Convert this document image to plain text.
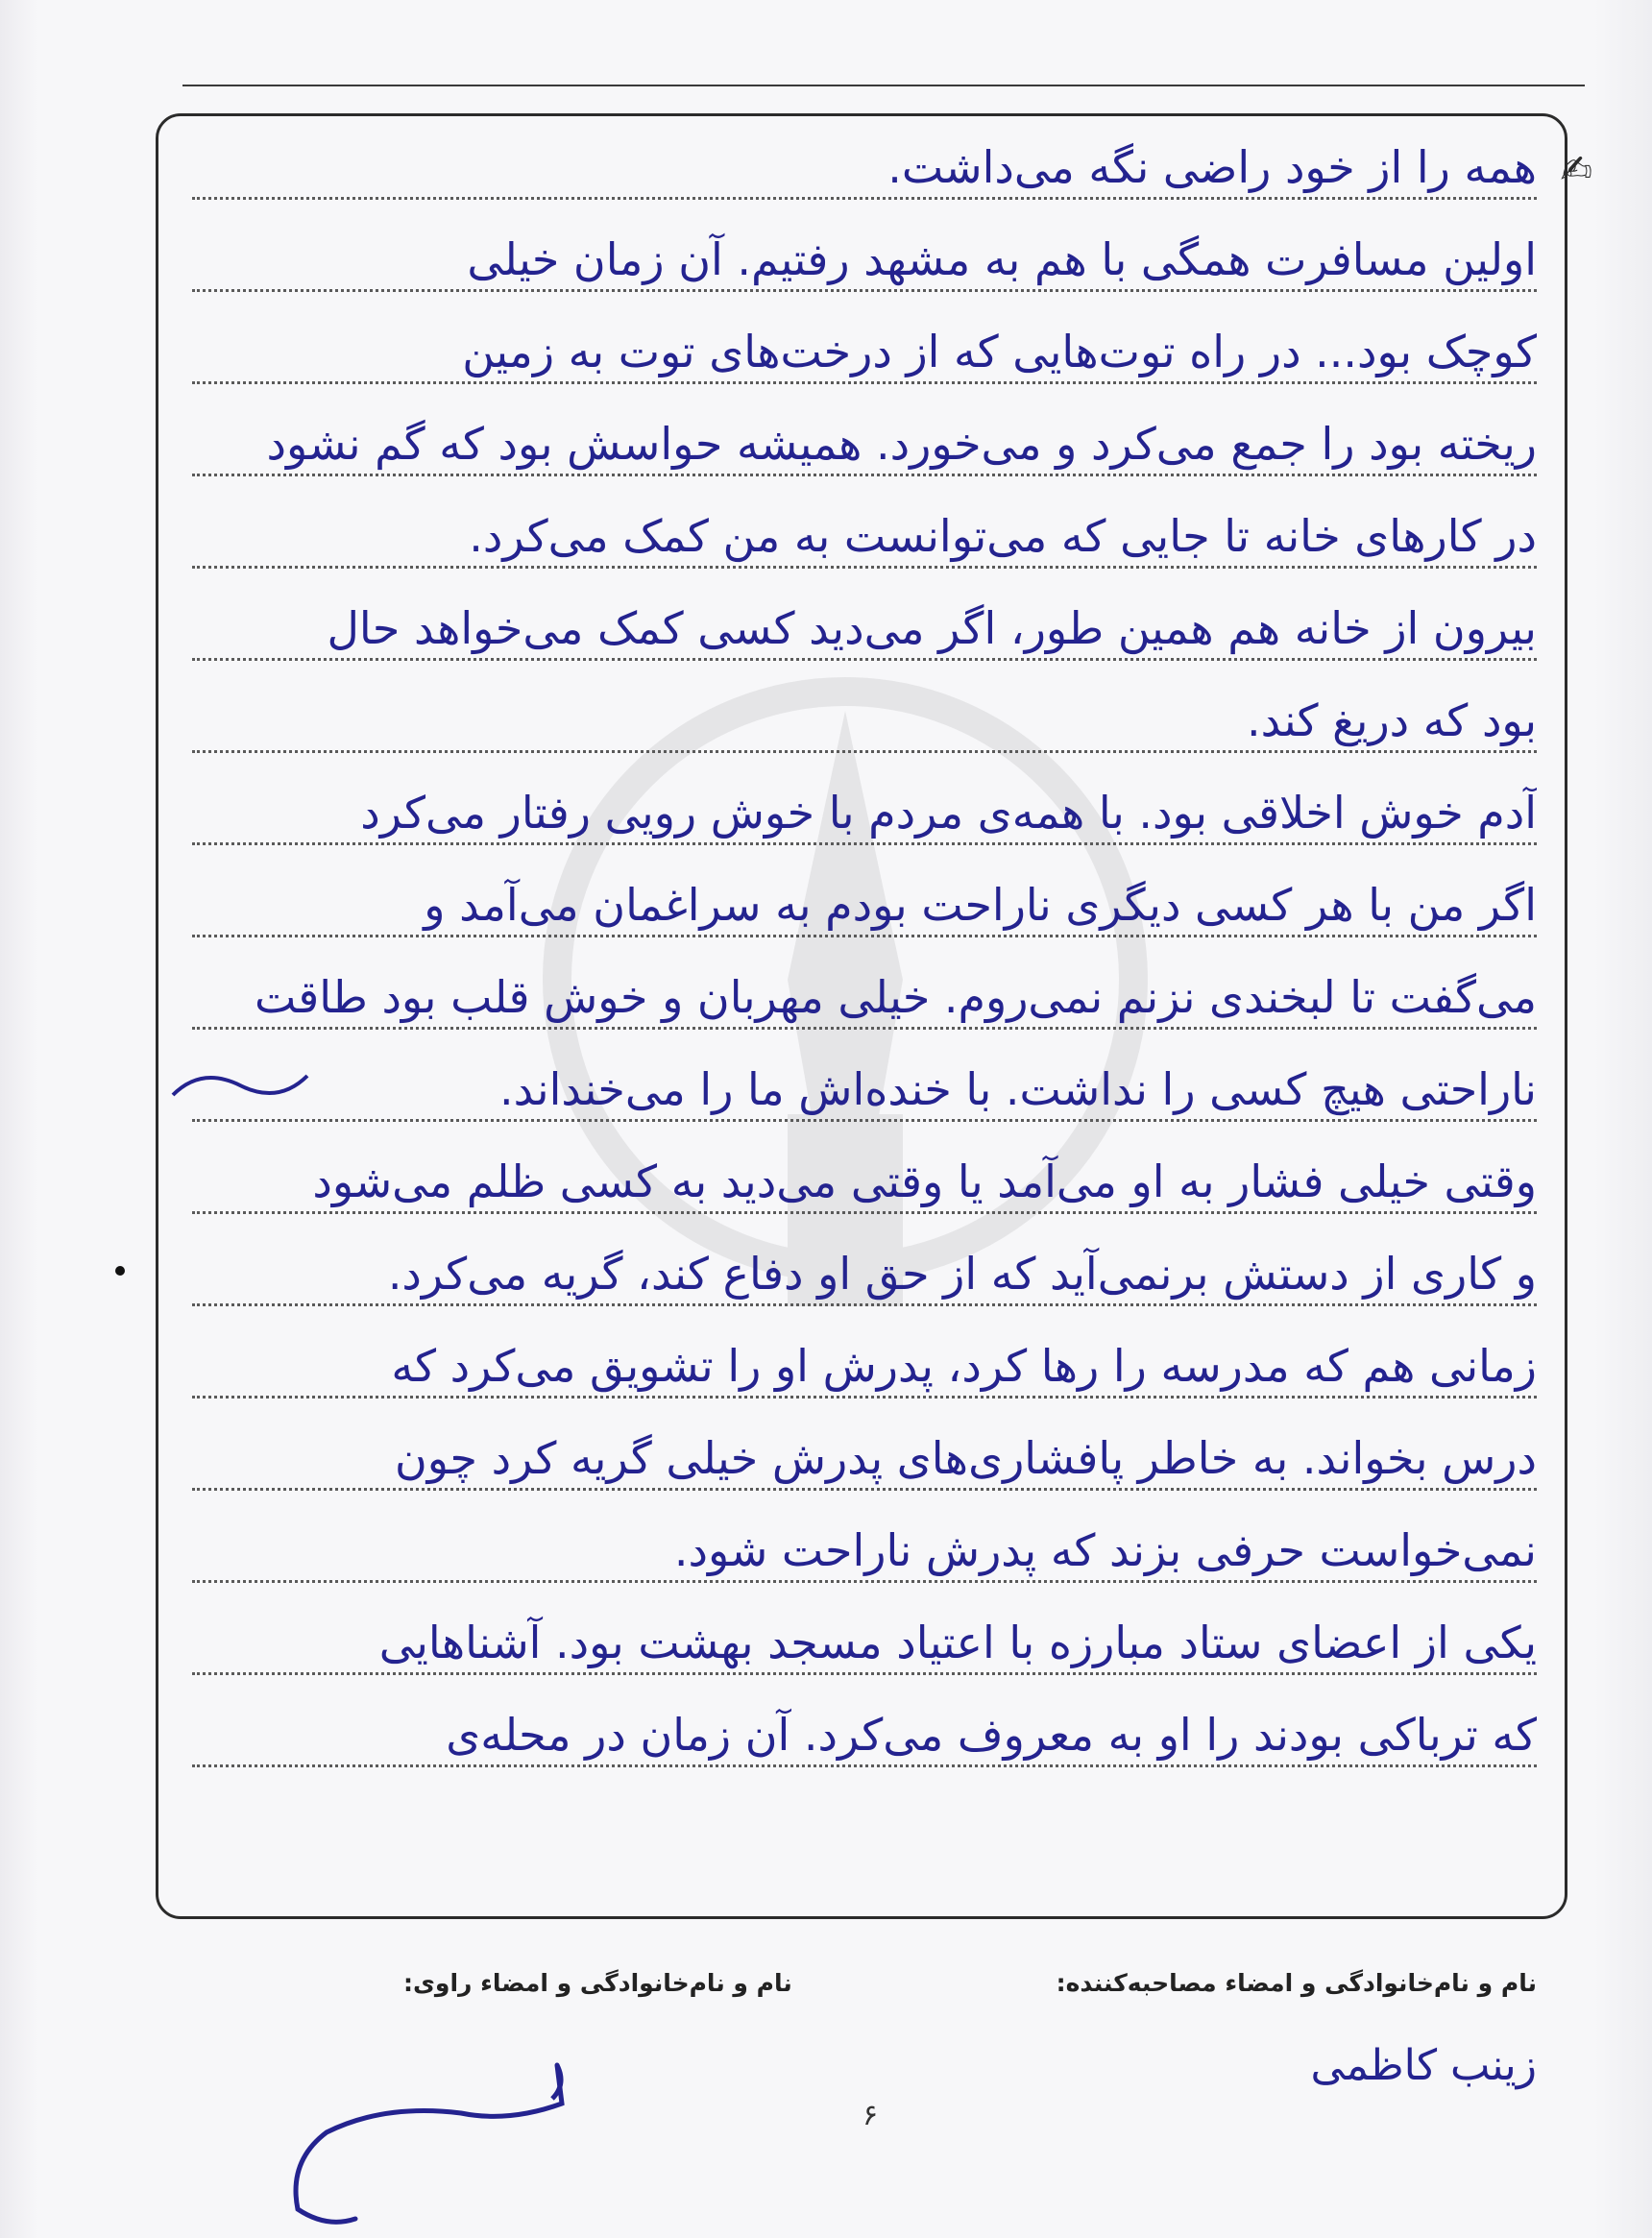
همه را از خود راضی نگه می‌داشت. ✍
اولین مسافرت همگی با هم به مشهد رفتیم. آن زمان خیلی
کوچک بود... در راه توت‌هایی که از درخت‌های توت به زمین
ریخته بود را جمع می‌کرد و می‌خورد. همیشه حواسش بود که گم نشود
در کارهای خانه تا جایی که می‌توانست به من کمک می‌کرد.
بیرون از خانه هم همین طور، اگر می‌دید کسی کمک می‌خواهد حال
بود که دریغ کند.
آدم خوش اخلاقی بود. با همه‌ی مردم با خوش رویی رفتار می‌کرد
اگر من با هر کسی دیگری ناراحت بودم به سراغمان می‌آمد و
می‌گفت تا لبخندی نزنم نمی‌روم. خیلی مهربان و خوش قلب بود طاقت
ناراحتی هیچ کسی را نداشت. با خنده‌اش ما را می‌خنداند.
وقتی خیلی فشار به او می‌آمد یا وقتی می‌دید به کسی ظلم می‌شود
و کاری از دستش برنمی‌آید که از حق او دفاع کند، گریه می‌کرد.
زمانی هم که مدرسه را رها کرد، پدرش او را تشویق می‌کرد که
درس بخواند. به خاطر پافشاری‌های پدرش خیلی گریه کرد چون
نمی‌خواست حرفی بزند که پدرش ناراحت شود.
یکی از اعضای ستاد مبارزه با اعتیاد مسجد بهشت بود. آشناهایی
که ترباکی بودند را او به معروف می‌کرد. آن زمان در محله‌ی
نام و نام‌خانوادگی و امضاء مصاحبه‌کننده:
نام و نام‌خانوادگی و امضاء راوی:
زینب کاظمی
۶
